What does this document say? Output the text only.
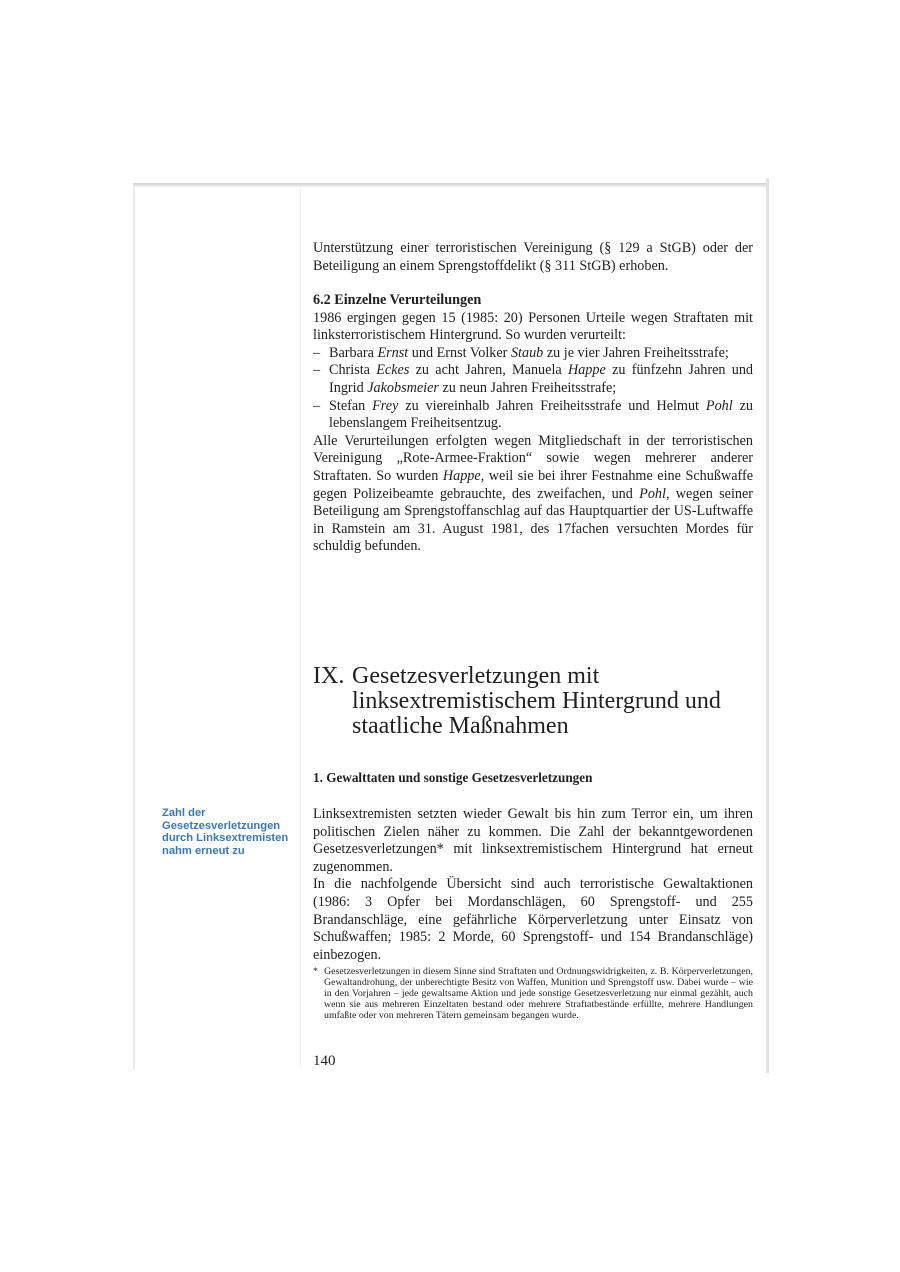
Unterstützung einer terroristischen Vereinigung (§ 129 a StGB) oder der Beteiligung an einem Sprengstoffdelikt (§ 311 StGB) erhoben.

6.2 Einzelne Verurteilungen

1986 ergingen gegen 15 (1985: 20) Personen Urteile wegen Straftaten mit linksterroristischem Hintergrund. So wurden verurteilt:

– Barbara Ernst und Ernst Volker Staub zu je vier Jahren Freiheitsstrafe;
– Christa Eckes zu acht Jahren, Manuela Happe zu fünfzehn Jahren und Ingrid Jakobsmeier zu neun Jahren Freiheitsstrafe;
– Stefan Frey zu viereinhalb Jahren Freiheitsstrafe und Helmut Pohl zu lebenslangem Freiheitsentzug.

Alle Verurteilungen erfolgten wegen Mitgliedschaft in der terroristischen Vereinigung „Rote-Armee-Fraktion“ sowie wegen mehrerer anderer Straftaten. So wurden Happe, weil sie bei ihrer Festnahme eine Schußwaffe gegen Polizeibeamte gebrauchte, des zweifachen, und Pohl, wegen seiner Beteiligung am Sprengstoffanschlag auf das Hauptquartier der US-Luftwaffe in Ramstein am 31. August 1981, des 17fachen versuchten Mordes für schuldig befunden.

IX. Gesetzesverletzungen mit linksextremistischem Hintergrund und staatliche Maßnahmen
1. Gewalttaten und sonstige Gesetzesverletzungen
Zahl der Gesetzesverletzungen durch Linksextremisten nahm erneut zu

Linksextremisten setzten wieder Gewalt bis hin zum Terror ein, um ihren politischen Zielen näher zu kommen. Die Zahl der bekanntgewordenen Gesetzesverletzungen* mit linksextremistischem Hintergrund hat erneut zugenommen.

In die nachfolgende Übersicht sind auch terroristische Gewaltaktionen (1986: 3 Opfer bei Mordanschlägen, 60 Sprengstoff- und 255 Brandanschläge, eine gefährliche Körperverletzung unter Einsatz von Schußwaffen; 1985: 2 Morde, 60 Sprengstoff- und 154 Brandanschläge) einbezogen.

* Gesetzesverletzungen in diesem Sinne sind Straftaten und Ordnungswidrigkeiten, z. B. Körperverletzungen, Gewaltandrohung, der unberechtigte Besitz von Waffen, Munition und Sprengstoff usw. Dabei wurde – wie in den Vorjahren – jede gewaltsame Aktion und jede sonstige Gesetzesverletzung nur einmal gezählt, auch wenn sie aus mehreren Einzeltaten bestand oder mehrere Straftatbestände erfüllte, mehrere Handlungen umfaßte oder von mehreren Tätern gemeinsam begangen wurde.
140
